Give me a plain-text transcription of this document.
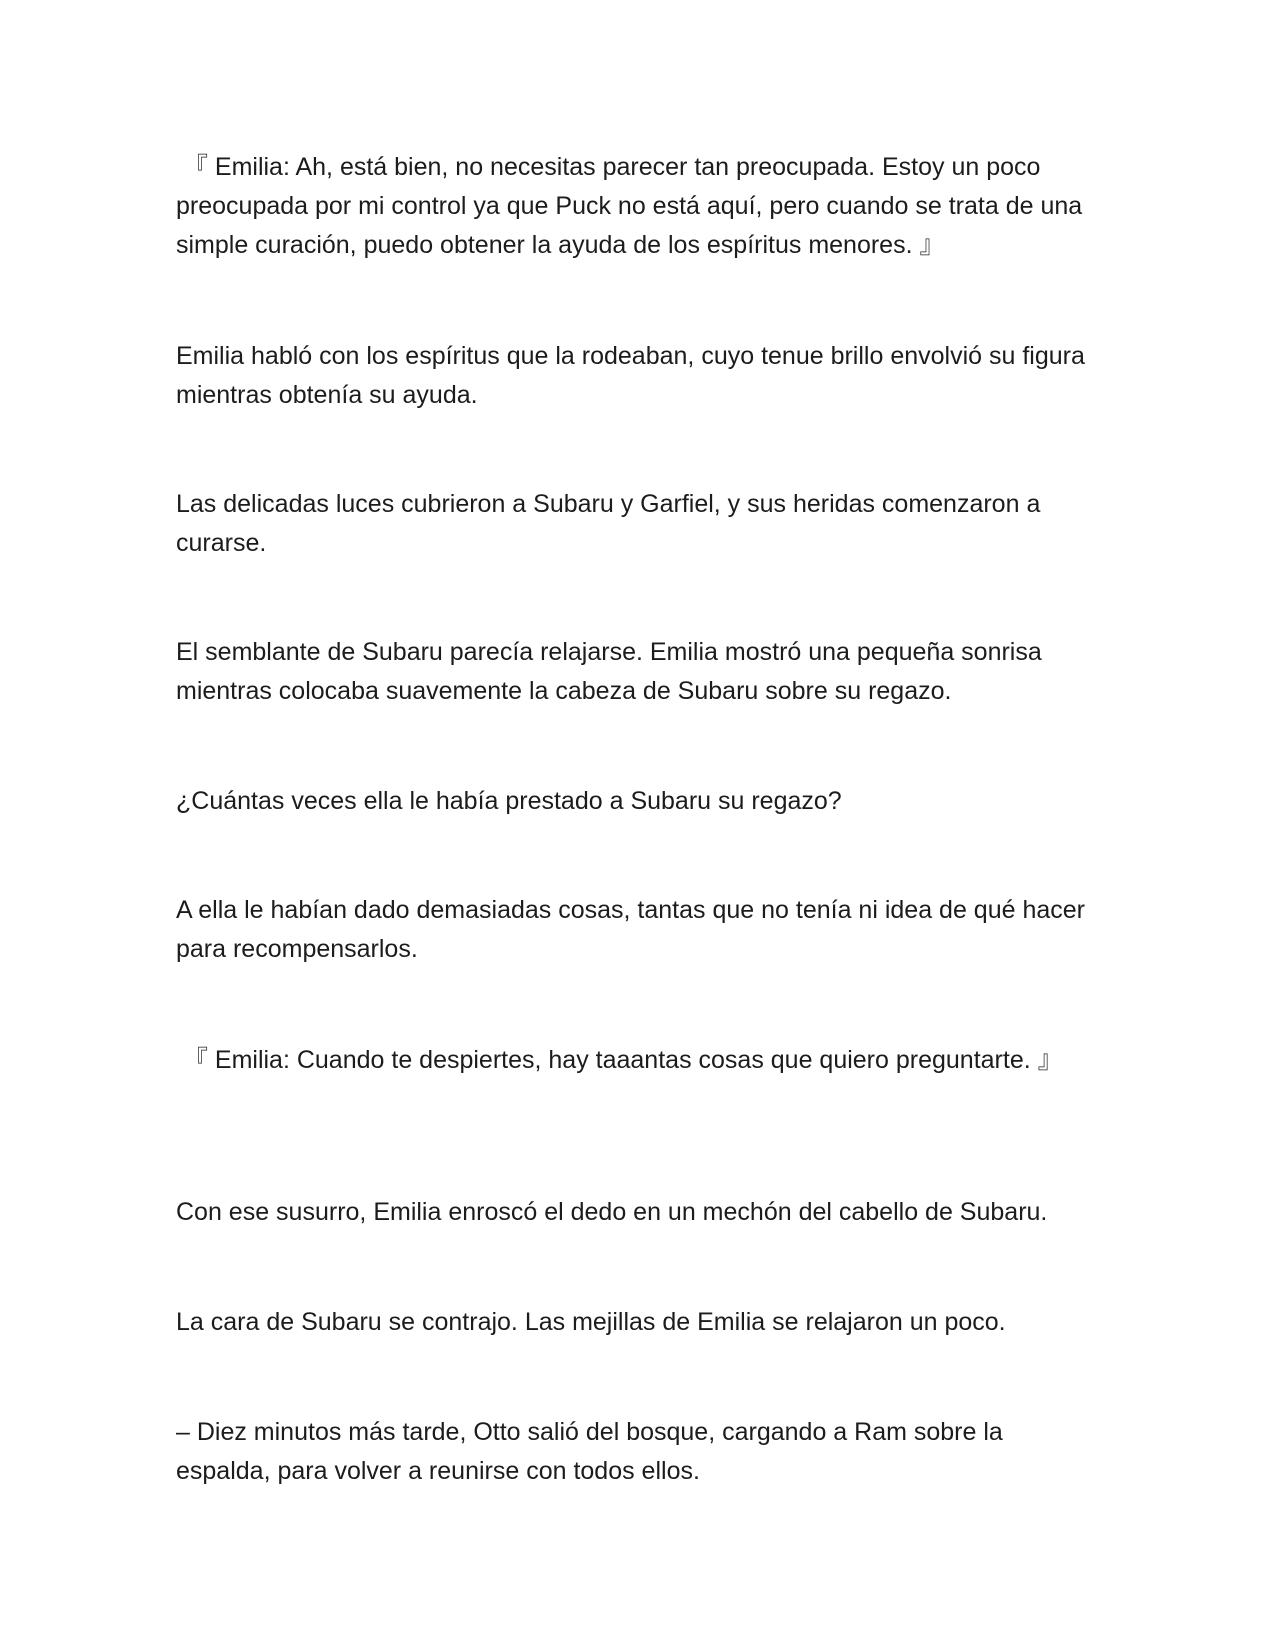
『 Emilia: Ah, está bien, no necesitas parecer tan preocupada. Estoy un poco preocupada por mi control ya que Puck no está aquí, pero cuando se trata de una simple curación, puedo obtener la ayuda de los espíritus menores. 』

Emilia habló con los espíritus que la rodeaban, cuyo tenue brillo envolvió su figura mientras obtenía su ayuda.

Las delicadas luces cubrieron a Subaru y Garfiel, y sus heridas comenzaron a curarse.

El semblante de Subaru parecía relajarse. Emilia mostró una pequeña sonrisa mientras colocaba suavemente la cabeza de Subaru sobre su regazo.

¿Cuántas veces ella le había prestado a Subaru su regazo?

A ella le habían dado demasiadas cosas, tantas que no tenía ni idea de qué hacer para recompensarlos.

『 Emilia: Cuando te despiertes, hay taaantas cosas que quiero preguntarte. 』

Con ese susurro, Emilia enroscó el dedo en un mechón del cabello de Subaru.

La cara de Subaru se contrajo. Las mejillas de Emilia se relajaron un poco.

– Diez minutos más tarde, Otto salió del bosque, cargando a Ram sobre la espalda, para volver a reunirse con todos ellos.
